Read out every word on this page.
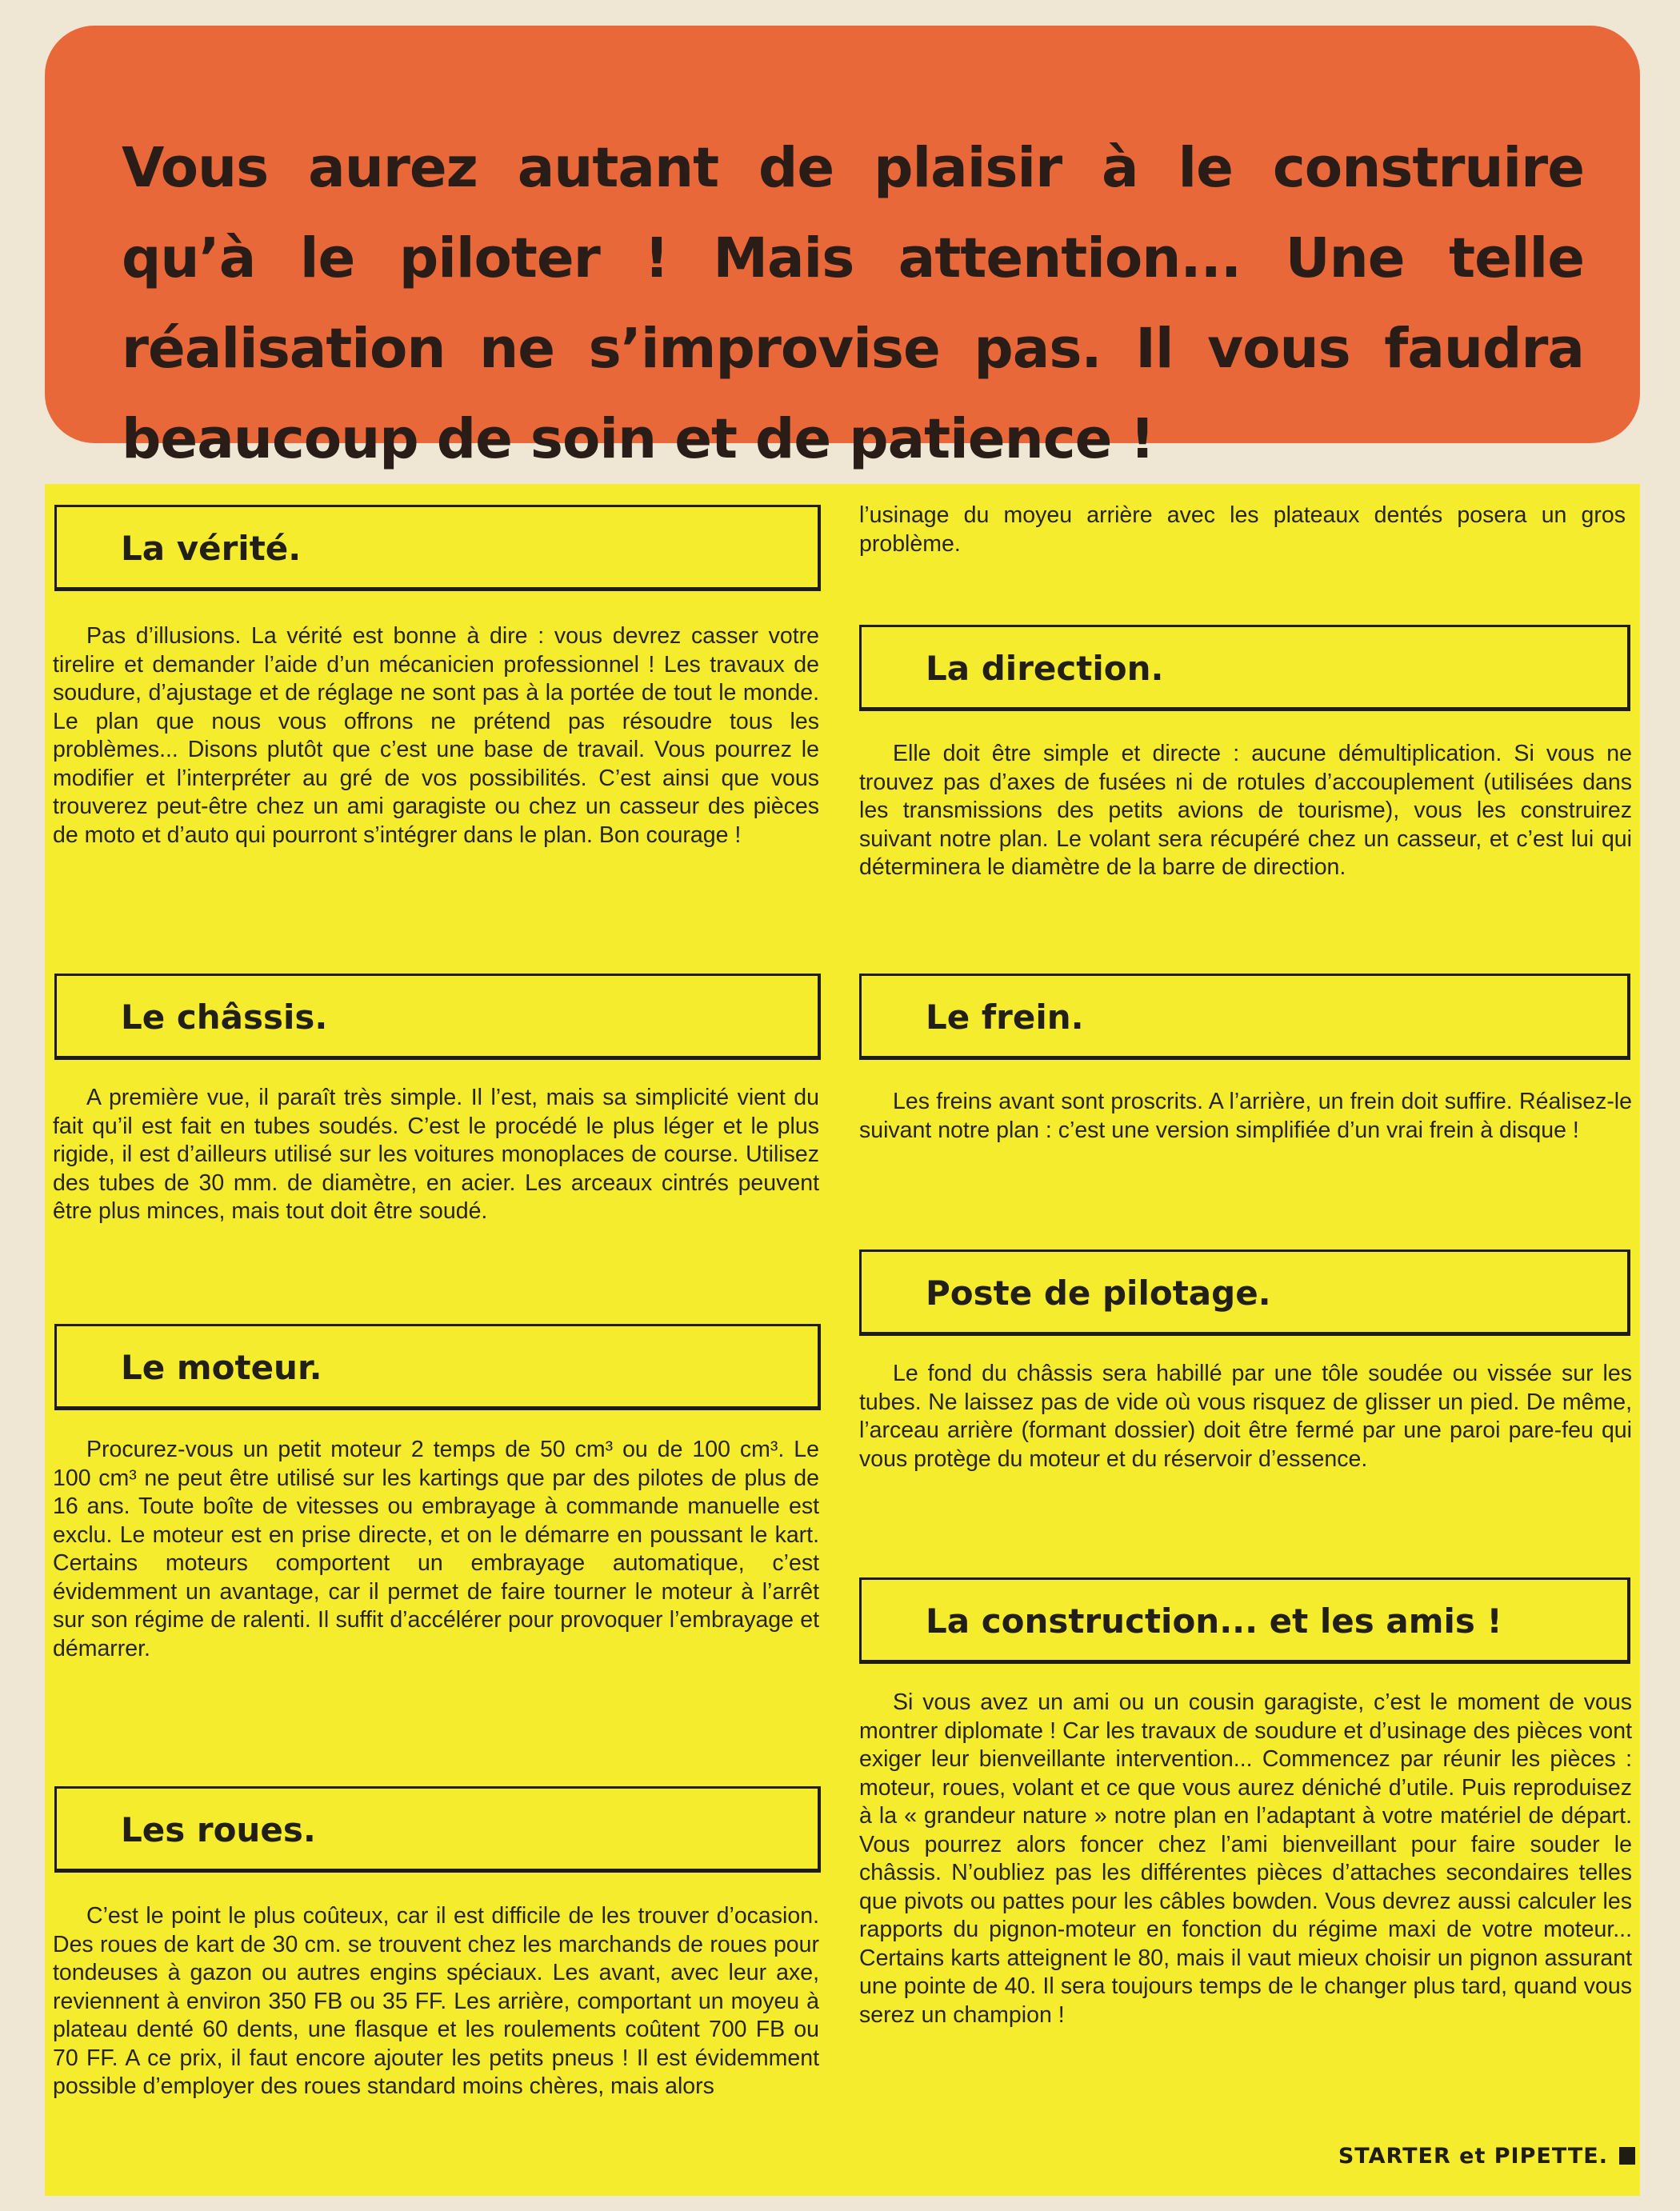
Vous aurez autant de plaisir à le construire qu’à le piloter ! Mais attention... Une telle réalisation ne s’improvise pas. Il vous faudra beaucoup de soin et de patience !

La vérité.

Pas d’illusions. La vérité est bonne à dire : vous devrez casser votre tirelire et demander l’aide d’un mécanicien professionnel ! Les travaux de soudure, d’ajustage et de réglage ne sont pas à la portée de tout le monde. Le plan que nous vous offrons ne prétend pas résoudre tous les problèmes... Disons plutôt que c’est une base de travail. Vous pourrez le modifier et l’interpréter au gré de vos possibilités. C’est ainsi que vous trouverez peut-être chez un ami garagiste ou chez un casseur des pièces de moto et d’auto qui pourront s’intégrer dans le plan. Bon courage !

Le châssis.

A première vue, il paraît très simple. Il l’est, mais sa simplicité vient du fait qu’il est fait en tubes soudés. C’est le procédé le plus léger et le plus rigide, il est d’ailleurs utilisé sur les voitures monoplaces de course. Utilisez des tubes de 30 mm. de diamètre, en acier. Les arceaux cintrés peuvent être plus minces, mais tout doit être soudé.

Le moteur.

Procurez-vous un petit moteur 2 temps de 50 cm³ ou de 100 cm³. Le 100 cm³ ne peut être utilisé sur les kartings que par des pilotes de plus de 16 ans. Toute boîte de vitesses ou embrayage à commande manuelle est exclu. Le moteur est en prise directe, et on le démarre en poussant le kart. Certains moteurs comportent un embrayage automatique, c’est évidemment un avantage, car il permet de faire tourner le moteur à l’arrêt sur son régime de ralenti. Il suffit d’accélérer pour provoquer l’embrayage et démarrer.

Les roues.

C’est le point le plus coûteux, car il est difficile de les trouver d’ocasion. Des roues de kart de 30 cm. se trouvent chez les marchands de roues pour tondeuses à gazon ou autres engins spéciaux. Les avant, avec leur axe, reviennent à environ 350 FB ou 35 FF. Les arrière, comportant un moyeu à plateau denté 60 dents, une flasque et les roulements coûtent 700 FB ou 70 FF. A ce prix, il faut encore ajouter les petits pneus ! Il est évidemment possible d’employer des roues standard moins chères, mais alors

l’usinage du moyeu arrière avec les plateaux dentés posera un gros problème.

La direction.

Elle doit être simple et directe : aucune démultiplication. Si vous ne trouvez pas d’axes de fusées ni de rotules d’accouplement (utilisées dans les transmissions des petits avions de tourisme), vous les construirez suivant notre plan. Le volant sera récupéré chez un casseur, et c’est lui qui déterminera le diamètre de la barre de direction.

Le frein.

Les freins avant sont proscrits. A l’arrière, un frein doit suffire. Réalisez-le suivant notre plan : c’est une version simplifiée d’un vrai frein à disque !

Poste de pilotage.

Le fond du châssis sera habillé par une tôle soudée ou vissée sur les tubes. Ne laissez pas de vide où vous risquez de glisser un pied. De même, l’arceau arrière (formant dossier) doit être fermé par une paroi pare-feu qui vous protège du moteur et du réservoir d’essence.

La construction... et les amis !

Si vous avez un ami ou un cousin garagiste, c’est le moment de vous montrer diplomate ! Car les travaux de soudure et d’usinage des pièces vont exiger leur bienveillante intervention... Commencez par réunir les pièces : moteur, roues, volant et ce que vous aurez déniché d’utile. Puis reproduisez à la « grandeur nature » notre plan en l’adaptant à votre matériel de départ. Vous pourrez alors foncer chez l’ami bienveillant pour faire souder le châssis. N’oubliez pas les différentes pièces d’attaches secondaires telles que pivots ou pattes pour les câbles bowden. Vous devrez aussi calculer les rapports du pignon-moteur en fonction du régime maxi de votre moteur... Certains karts atteignent le 80, mais il vaut mieux choisir un pignon assurant une pointe de 40. Il sera toujours temps de le changer plus tard, quand vous serez un champion !

STARTER et PIPETTE.
